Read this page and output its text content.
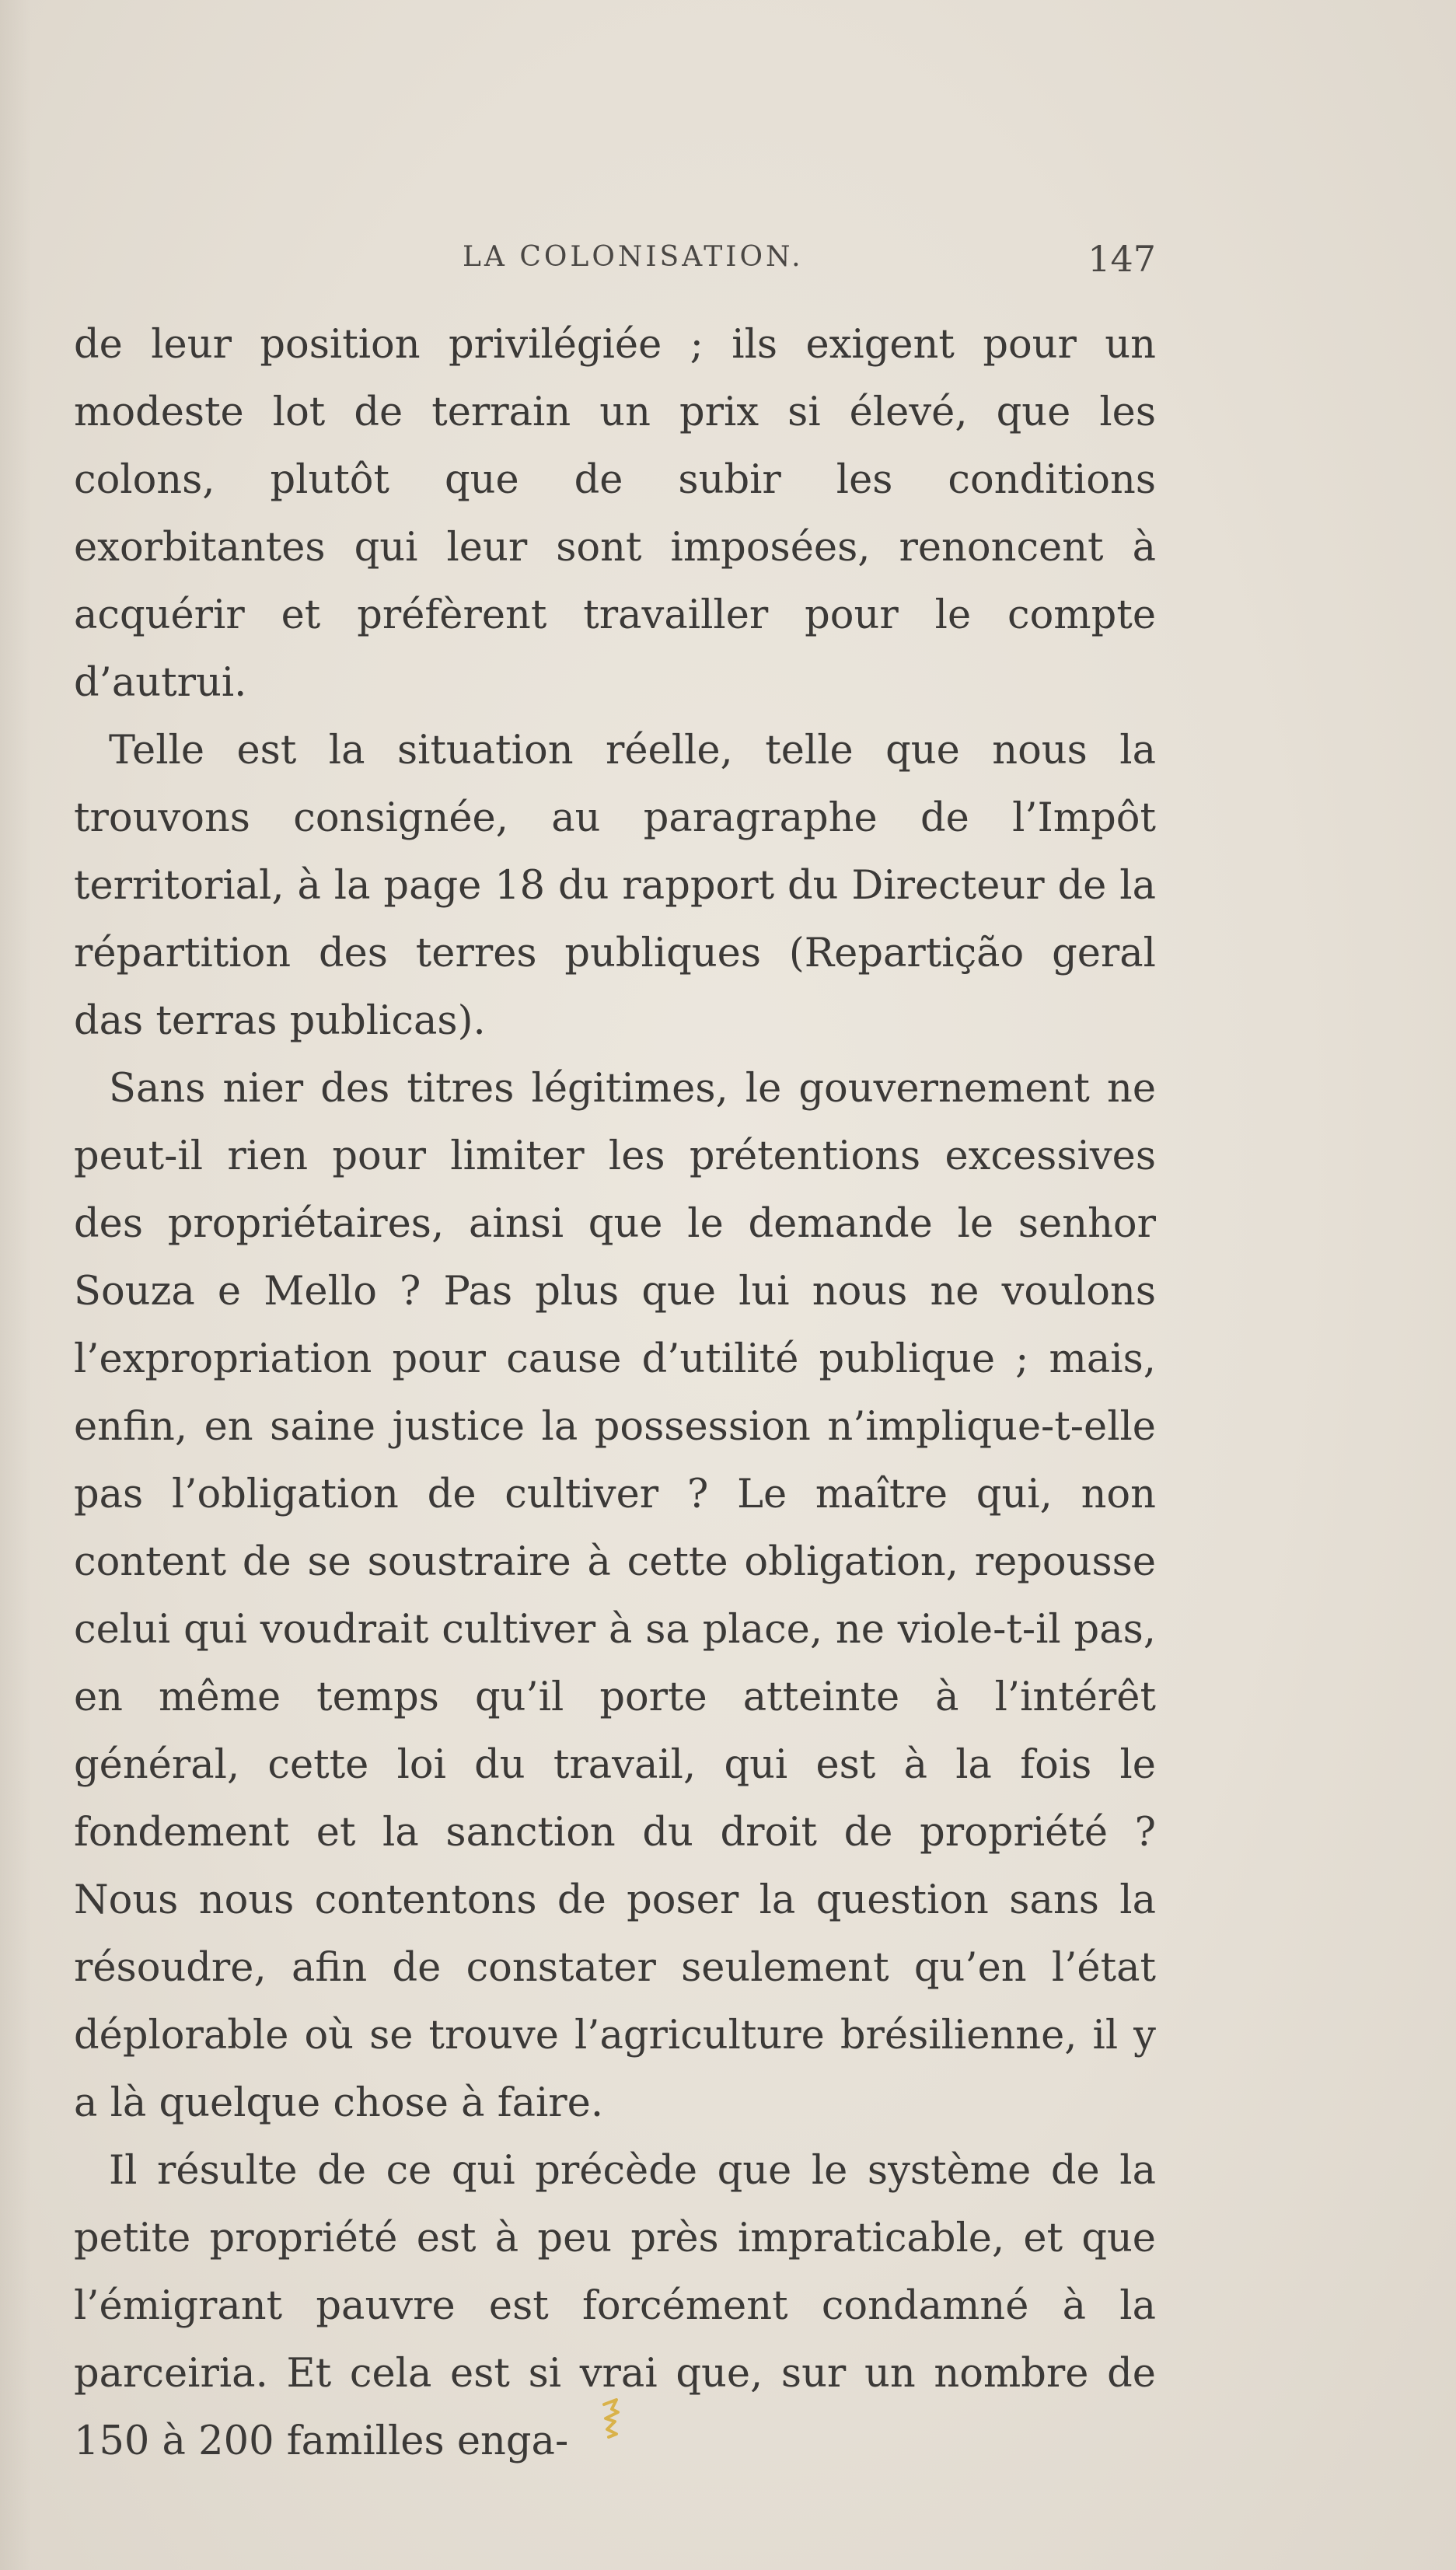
LA COLONISATION.	147

de leur position privilégiée ; ils exigent pour un modeste lot de terrain un prix si élevé, que les colons, plutôt que de subir les conditions exorbitantes qui leur sont imposées, renoncent à acquérir et préfèrent travailler pour le compte d’autrui.

Telle est la situation réelle, telle que nous la trouvons consignée, au paragraphe de l’Impôt territorial, à la page 18 du rapport du Directeur de la répartition des terres publiques (Repartição geral das terras publicas).

Sans nier des titres légitimes, le gouvernement ne peut-il rien pour limiter les prétentions excessives des propriétaires, ainsi que le demande le senhor Souza e Mello ? Pas plus que lui nous ne voulons l’expropriation pour cause d’utilité publique ; mais, enfin, en saine justice la possession n’implique-t-elle pas l’obligation de cultiver ? Le maître qui, non content de se soustraire à cette obligation, repousse celui qui voudrait cultiver à sa place, ne viole-t-il pas, en même temps qu’il porte atteinte à l’intérêt général, cette loi du travail, qui est à la fois le fondement et la sanction du droit de propriété ? Nous nous contentons de poser la question sans la résoudre, afin de constater seulement qu’en l’état déplorable où se trouve l’agriculture brésilienne, il y a là quelque chose à faire.

Il résulte de ce qui précède que le système de la petite propriété est à peu près impraticable, et que l’émigrant pauvre est forcément condamné à la parceiria. Et cela est si vrai que, sur un nombre de 150 à 200 familles enga-
